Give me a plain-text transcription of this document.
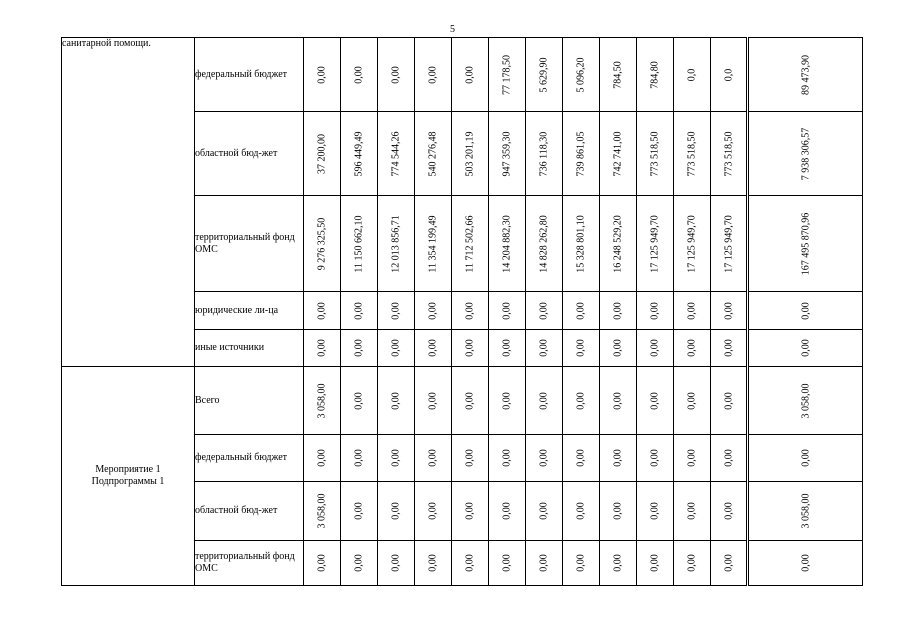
5
санитарной помощи.	федеральный бюджет	0,00	0,00	0,00	0,00	0,00	77 178,50	5 629,90	5 096,20	784,50	784,80	0,0	0,0	89 473,90

	областной бюд-жет	37 200,00	596 449,49	774 544,26	540 276,48	503 201,19	947 359,30	736 118,30	739 861,05	742 741,00	773 518,50	773 518,50	773 518,50	7 938 306,57

	территориальный фонд ОМС	9 276 325,50	11 150 662,10	12 013 856,71	11 354 199,49	11 712 502,66	14 204 882,30	14 828 262,80	15 328 801,10	16 248 529,20	17 125 949,70	17 125 949,70	17 125 949,70	167 495 870,96

	юридические ли-ца	0,00	0,00	0,00	0,00	0,00	0,00	0,00	0,00	0,00	0,00	0,00	0,00	0,00

	иные источники	0,00	0,00	0,00	0,00	0,00	0,00	0,00	0,00	0,00	0,00	0,00	0,00	0,00

Мероприятие 1 Подпрограммы 1	Всего	3 058,00	0,00	0,00	0,00	0,00	0,00	0,00	0,00	0,00	0,00	0,00	0,00	3 058,00

	федеральный бюджет	0,00	0,00	0,00	0,00	0,00	0,00	0,00	0,00	0,00	0,00	0,00	0,00	0,00

	областной бюд-жет	3 058,00	0,00	0,00	0,00	0,00	0,00	0,00	0,00	0,00	0,00	0,00	0,00	3 058,00

	территориальный фонд ОМС	0,00	0,00	0,00	0,00	0,00	0,00	0,00	0,00	0,00	0,00	0,00	0,00	0,00
